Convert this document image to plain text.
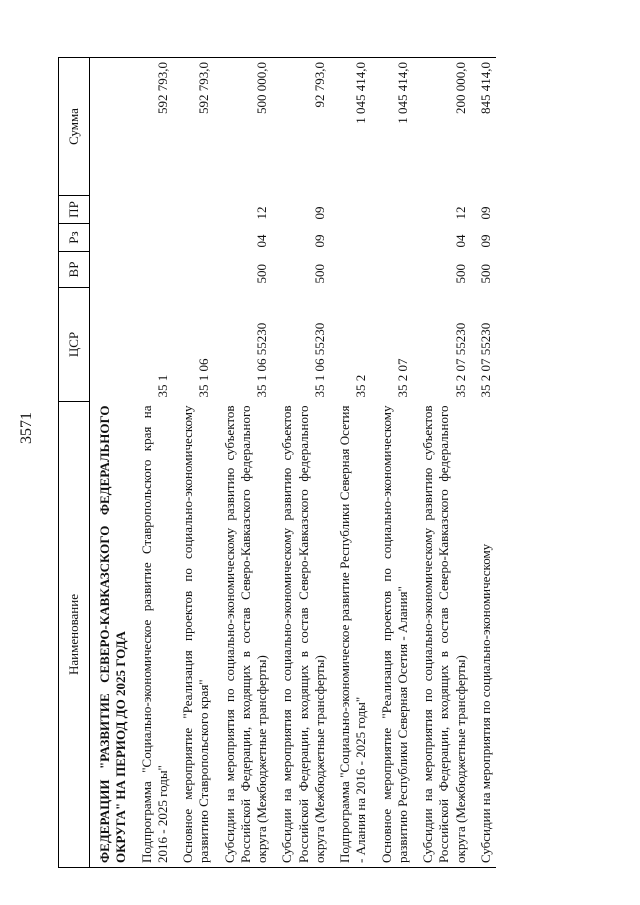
3571
Наименование	ЦСР	ВР	Рз	ПР	Сумма
ФЕДЕРАЦИИ "РАЗВИТИЕ СЕВЕРО-КАВКАЗСКОГО ФЕДЕРАЛЬНОГО ОКРУГА" НА ПЕРИОД ДО 2025 ГОДА					
Подпрограмма "Социально-экономическое развитие Ставропольского края на 2016 - 2025 годы"	35 1				592 793,0
Основное мероприятие "Реализация проектов по социально-экономическому развитию Ставропольского края"	35 1 06				592 793,0
Субсидии на мероприятия по социально-экономическому развитию субъектов Российской Федерации, входящих в состав Северо-Кавказского федерального округа (Межбюджетные трансферты)	35 1 06 55230	500	04	12	500 000,0
Субсидии на мероприятия по социально-экономическому развитию субъектов Российской Федерации, входящих в состав Северо-Кавказского федерального округа (Межбюджетные трансферты)	35 1 06 55230	500	09	09	92 793,0
Подпрограмма "Социально-экономическое развитие Республики Северная Осетия - Алания на 2016 - 2025 годы"	35 2				1 045 414,0
Основное мероприятие "Реализация проектов по социально-экономическому развитию Республики Северная Осетия - Алания"	35 2 07				1 045 414,0
Субсидии на мероприятия по социально-экономическому развитию субъектов Российской Федерации, входящих в состав Северо-Кавказского федерального округа (Межбюджетные трансферты)	35 2 07 55230	500	04	12	200 000,0
Субсидии на мероприятия по социально-экономическому	35 2 07 55230	500	09	09	845 414,0
